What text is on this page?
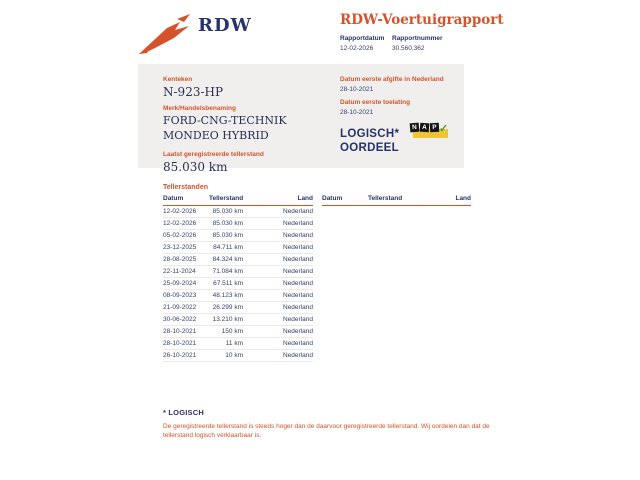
RDW	RDW-Voertuigrapport
Rapportdatum
12-02-2026
Rapportnummer
30.560.362
Kenteken
N-923-HP
Merk/Handelsbenaming
FORD-CNG-TECHNIK
MONDEO HYBRID
Laatst geregistreerde tellerstand
85.030 km
Datum eerste afgifte in Nederland
28-10-2021
Datum eerste toelating
28-10-2021
LOGISCH*
OORDEEL
N A P ✓
Tellerstanden
Datum	Tellerstand	Land
12-02-2026	85.030 km	Nederland
12-02-2026	85.030 km	Nederland
05-02-2026	85.030 km	Nederland
23-12-2025	84.711 km	Nederland
28-08-2025	84.324 km	Nederland
22-11-2024	71.084 km	Nederland
25-09-2024	67.511 km	Nederland
08-09-2023	48.123 km	Nederland
21-09-2022	26.299 km	Nederland
30-06-2022	13.210 km	Nederland
28-10-2021	150 km	Nederland
28-10-2021	11 km	Nederland
26-10-2021	10 km	Nederland
Datum	Tellerstand	Land
* LOGISCH
De geregistreerde tellerstand is steeds hoger dan de daarvoor geregistreerde tellerstand. Wij oordelen dan dat de tellerstand logisch verklaarbaar is.
